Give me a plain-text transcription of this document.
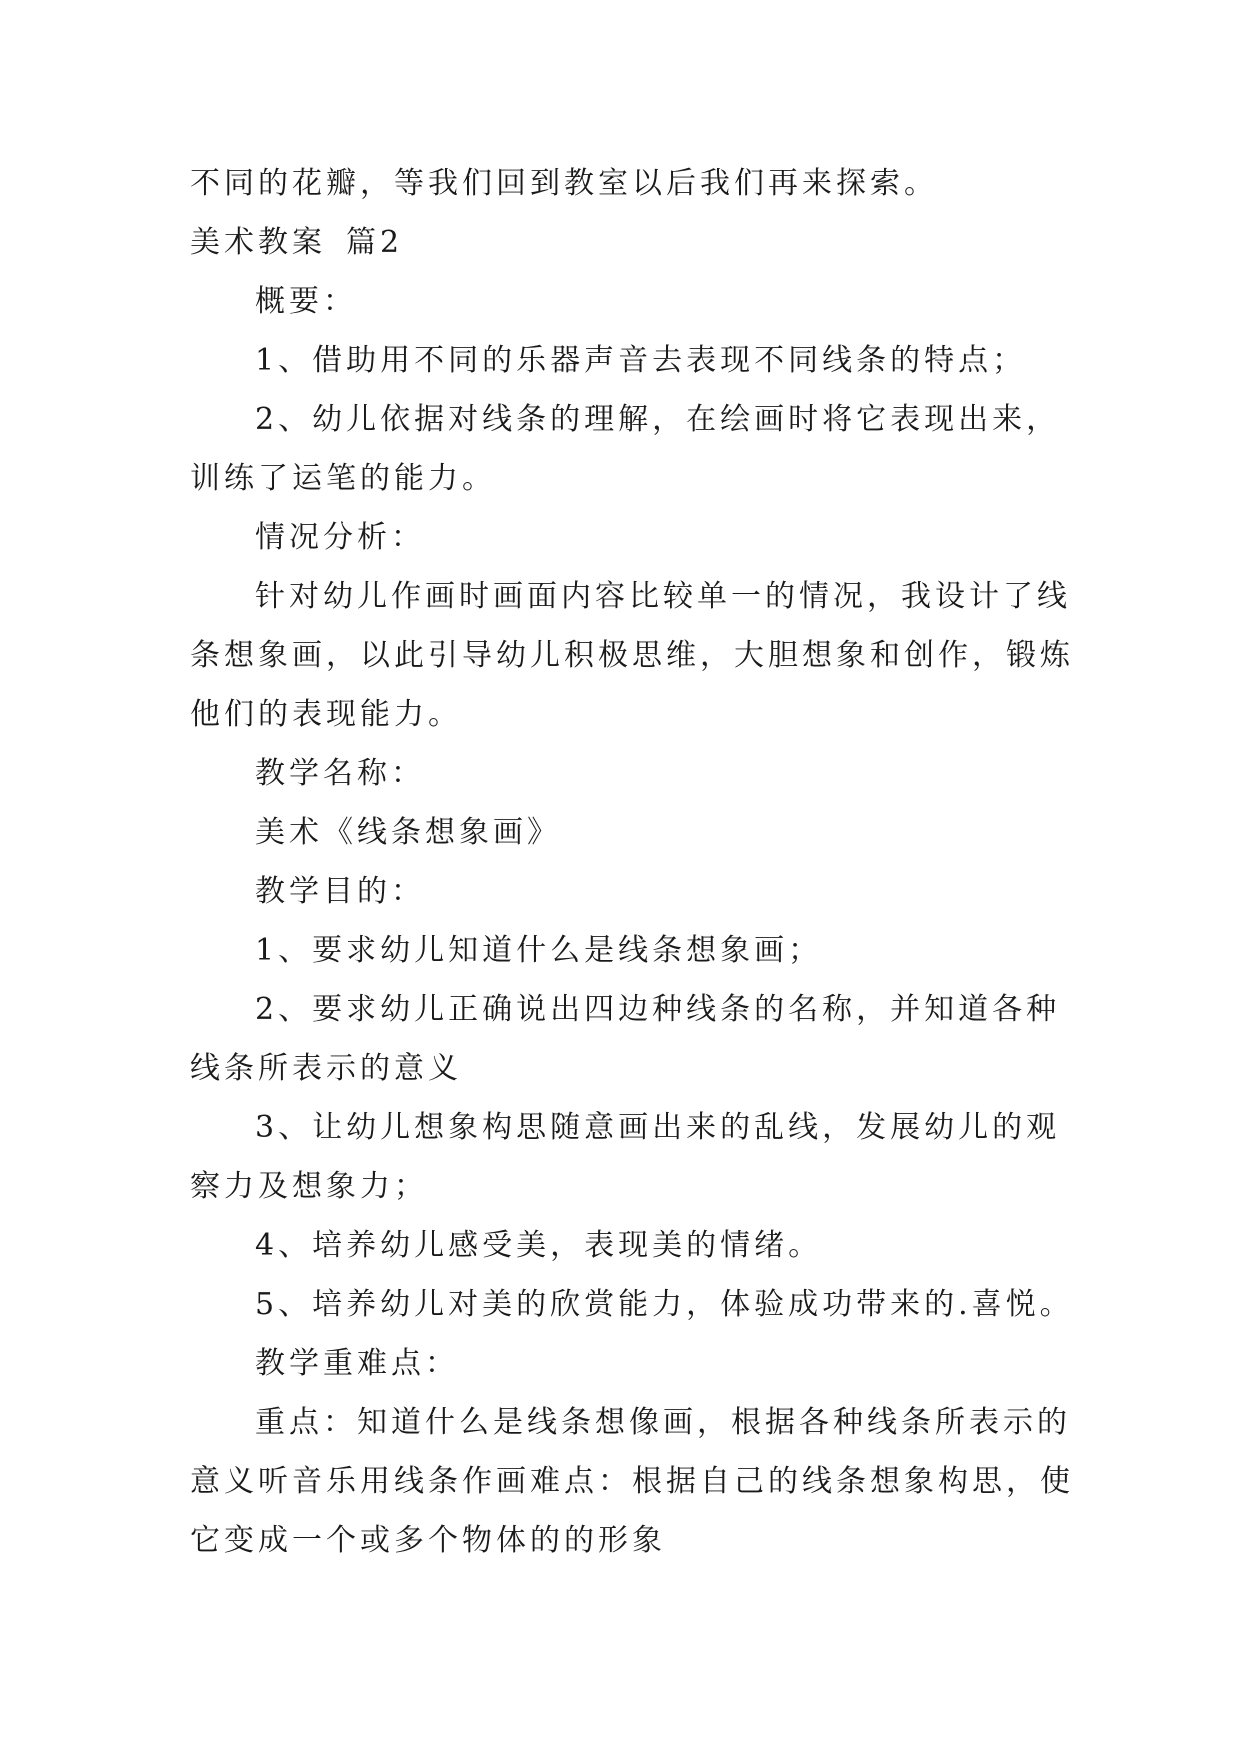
不同的花瓣，等我们回到教室以后我们再来探索。

美术教案 篇2

概要：

1、借助用不同的乐器声音去表现不同线条的特点；

2、幼儿依据对线条的理解，在绘画时将它表现出来，

训练了运笔的能力。

情况分析：

针对幼儿作画时画面内容比较单一的情况，我设计了线

条想象画，以此引导幼儿积极思维，大胆想象和创作，锻炼

他们的表现能力。

教学名称：

美术《线条想象画》

教学目的：

1、要求幼儿知道什么是线条想象画；

2、要求幼儿正确说出四边种线条的名称，并知道各种

线条所表示的意义

3、让幼儿想象构思随意画出来的乱线，发展幼儿的观

察力及想象力；

4、培养幼儿感受美，表现美的情绪。

5、培养幼儿对美的欣赏能力，体验成功带来的.喜悦。

教学重难点：

重点：知道什么是线条想像画，根据各种线条所表示的

意义听音乐用线条作画难点：根据自己的线条想象构思，使

它变成一个或多个物体的的形象
